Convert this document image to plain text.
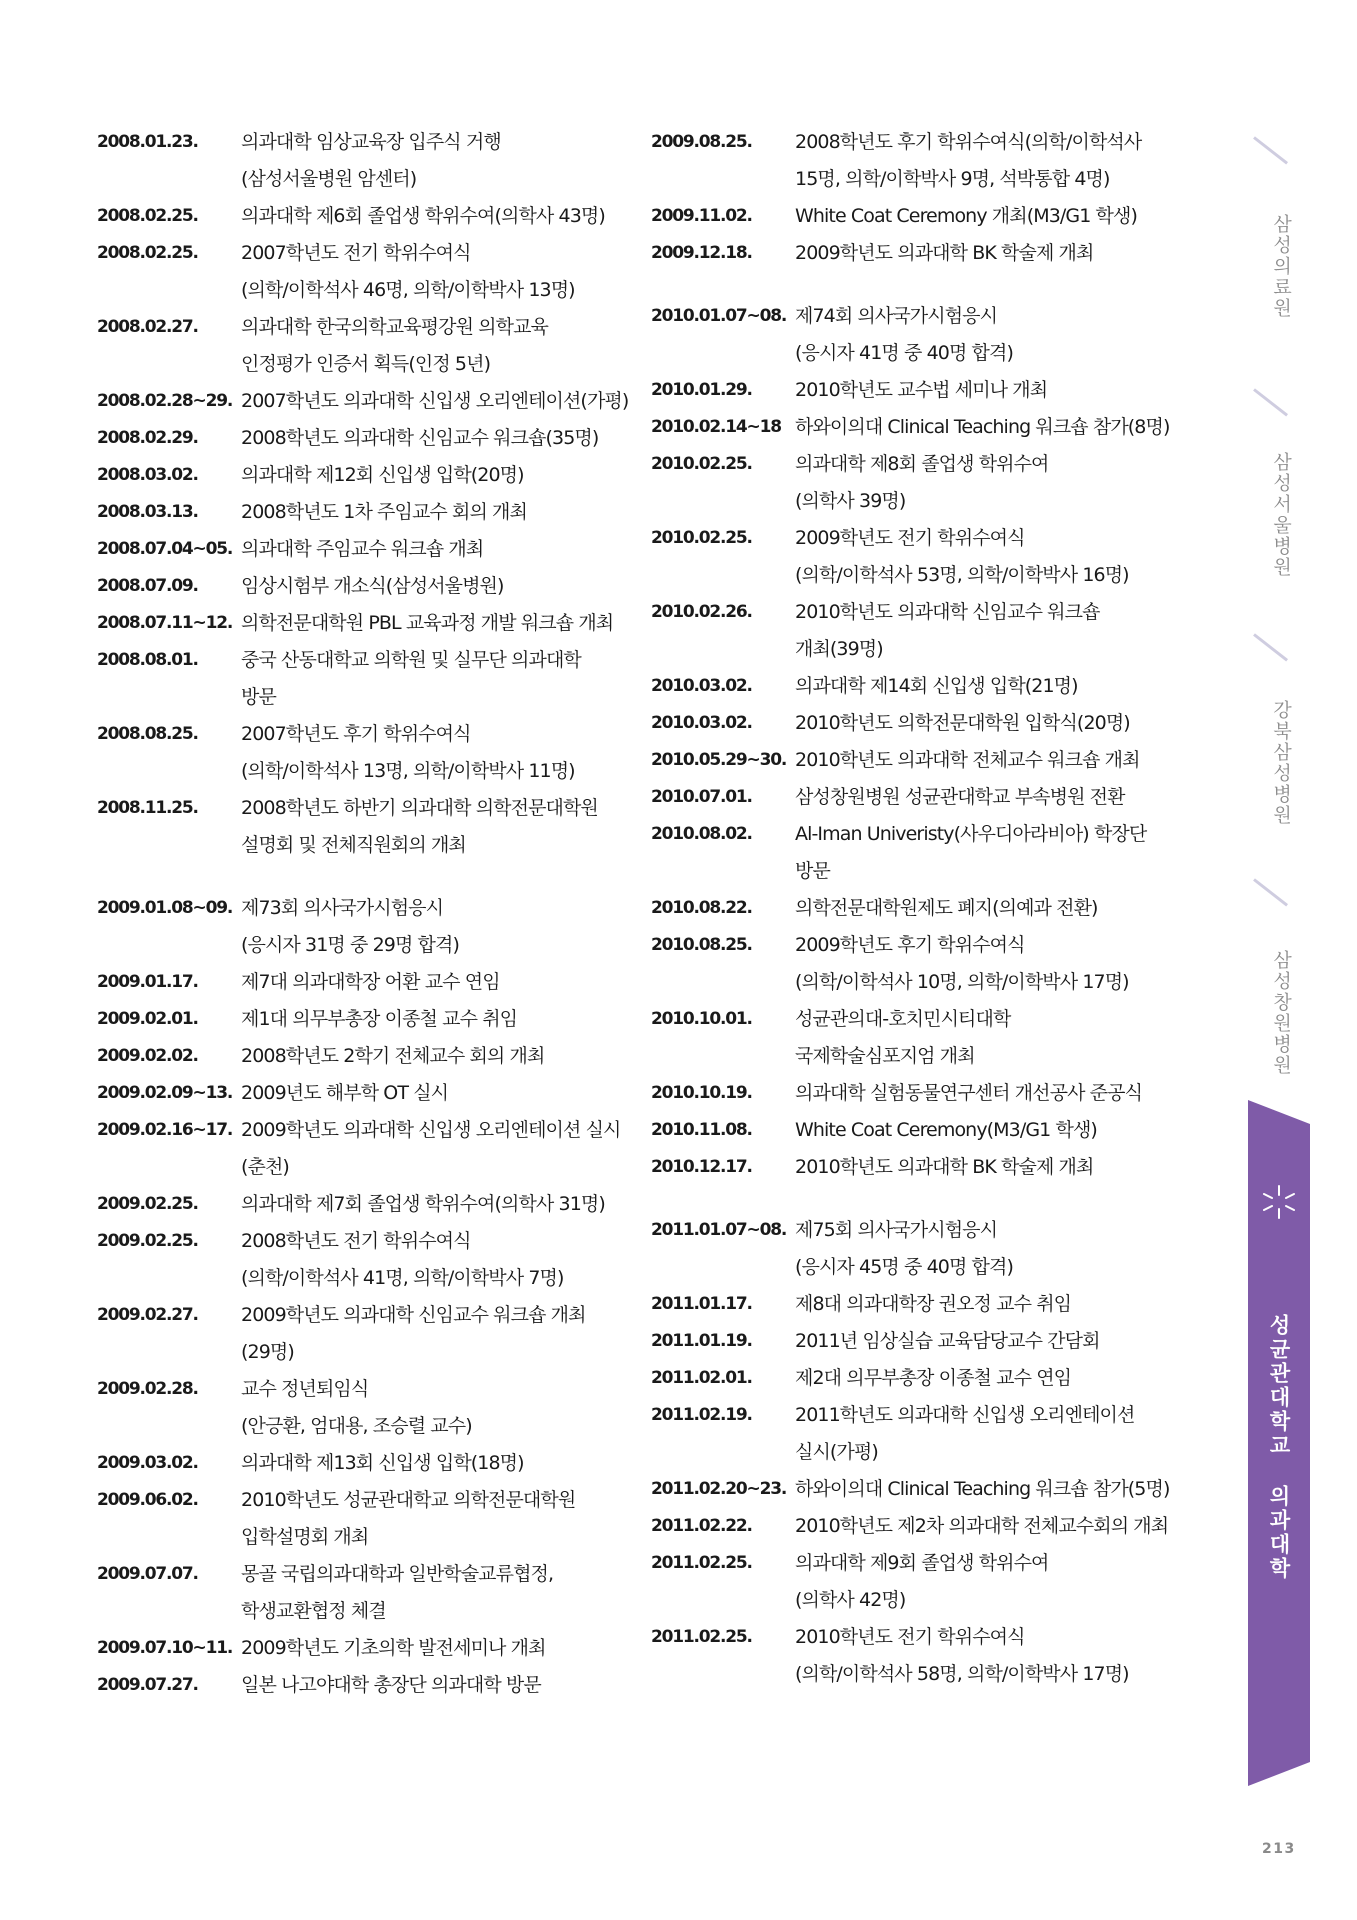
2008.01.23.	의과대학 임상교육장 입주식 거행
(삼성서울병원 암센터)
2008.02.25.	의과대학 제6회 졸업생 학위수여(의학사 43명)
2008.02.25.	2007학년도 전기 학위수여식
(의학/이학석사 46명, 의학/이학박사 13명)
2008.02.27.	의과대학 한국의학교육평강원 의학교육
인정평가 인증서 획득(인정 5년)
2008.02.28~29. 2007학년도 의과대학 신입생 오리엔테이션(가평)
2008.02.29.	2008학년도 의과대학 신임교수 워크숍(35명)
2008.03.02.	의과대학 제12회 신입생 입학(20명)
2008.03.13.	2008학년도 1차 주임교수 회의 개최
2008.07.04~05. 의과대학 주임교수 워크숍 개최
2008.07.09.	임상시험부 개소식(삼성서울병원)
2008.07.11~12. 의학전문대학원 PBL 교육과정 개발 워크숍 개최
2008.08.01.	중국 산동대학교 의학원 및 실무단 의과대학
방문
2008.08.25.	2007학년도 후기 학위수여식
(의학/이학석사 13명, 의학/이학박사 11명)
2008.11.25.	2008학년도 하반기 의과대학 의학전문대학원
설명회 및 전체직원회의 개최
2009.01.08~09. 제73회 의사국가시험응시
(응시자 31명 중 29명 합격)
2009.01.17.	제7대 의과대학장 어환 교수 연임
2009.02.01.	제1대 의무부총장 이종철 교수 취임
2009.02.02.	2008학년도 2학기 전체교수 회의 개최
2009.02.09~13. 2009년도 해부학 OT 실시
2009.02.16~17. 2009학년도 의과대학 신입생 오리엔테이션 실시
(춘천)
2009.02.25.	의과대학 제7회 졸업생 학위수여(의학사 31명)
2009.02.25.	2008학년도 전기 학위수여식
(의학/이학석사 41명, 의학/이학박사 7명)
2009.02.27.	2009학년도 의과대학 신임교수 워크숍 개최
(29명)
2009.02.28.	교수 정년퇴임식
(안긍환, 엄대용, 조승렬 교수)
2009.03.02.	의과대학 제13회 신입생 입학(18명)
2009.06.02.	2010학년도 성균관대학교 의학전문대학원
입학설명회 개최
2009.07.07.	몽골 국립의과대학과 일반학술교류협정,
학생교환협정 체결
2009.07.10~11. 2009학년도 기초의학 발전세미나 개최
2009.07.27.	일본 나고야대학 총장단 의과대학 방문
2009.08.25.	2008학년도 후기 학위수여식(의학/이학석사
15명, 의학/이학박사 9명, 석박통합 4명)
2009.11.02.	White Coat Ceremony 개최(M3/G1 학생)
2009.12.18.	2009학년도 의과대학 BK 학술제 개최
2010.01.07~08. 제74회 의사국가시험응시
(응시자 41명 중 40명 합격)
2010.01.29.	2010학년도 교수법 세미나 개최
2010.02.14~18 하와이의대 Clinical Teaching 워크숍 참가(8명)
2010.02.25.	의과대학 제8회 졸업생 학위수여
(의학사 39명)
2010.02.25.	2009학년도 전기 학위수여식
(의학/이학석사 53명, 의학/이학박사 16명)
2010.02.26.	2010학년도 의과대학 신임교수 워크숍
개최(39명)
2010.03.02.	의과대학 제14회 신입생 입학(21명)
2010.03.02.	2010학년도 의학전문대학원 입학식(20명)
2010.05.29~30. 2010학년도 의과대학 전체교수 워크숍 개최
2010.07.01.	삼성창원병원 성균관대학교 부속병원 전환
2010.08.02.	Al-Iman Univeristy(사우디아라비아) 학장단
방문
2010.08.22.	의학전문대학원제도 폐지(의예과 전환)
2010.08.25.	2009학년도 후기 학위수여식
(의학/이학석사 10명, 의학/이학박사 17명)
2010.10.01.	성균관의대-호치민시티대학
국제학술심포지엄 개최
2010.10.19.	의과대학 실험동물연구센터 개선공사 준공식
2010.11.08.	White Coat Ceremony(M3/G1 학생)
2010.12.17.	2010학년도 의과대학 BK 학술제 개최
2011.01.07~08. 제75회 의사국가시험응시
(응시자 45명 중 40명 합격)
2011.01.17.	제8대 의과대학장 권오정 교수 취임
2011.01.19.	2011년 임상실습 교육담당교수 간담회
2011.02.01.	제2대 의무부총장 이종철 교수 연임
2011.02.19.	2011학년도 의과대학 신입생 오리엔테이션
실시(가평)
2011.02.20~23. 하와이의대 Clinical Teaching 워크숍 참가(5명)
2011.02.22.	2010학년도 제2차 의과대학 전체교수회의 개최
2011.02.25.	의과대학 제9회 졸업생 학위수여
(의학사 42명)
2011.02.25.	2010학년도 전기 학위수여식
(의학/이학석사 58명, 의학/이학박사 17명)
삼성의료원
삼성서울병원
강북삼성병원
삼성창원병원
성균관대학교 의과대학
213
